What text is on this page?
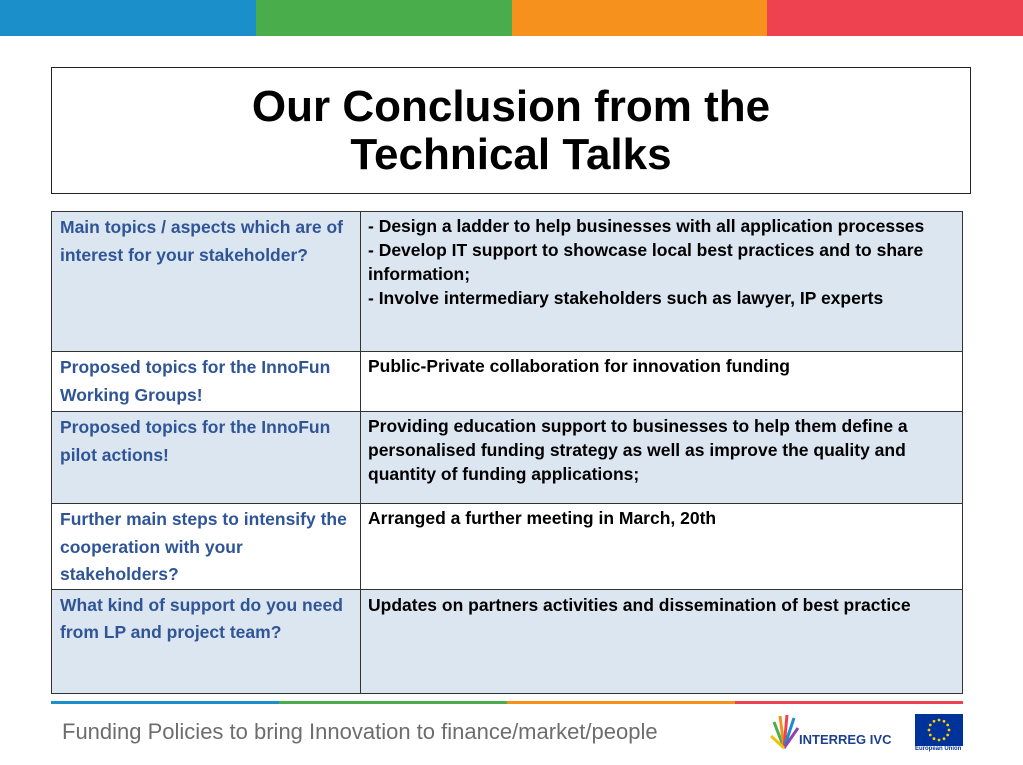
Our Conclusion from the
Technical Talks
Main topics / aspects which are of interest for your stakeholder?	- Design a ladder to help businesses with all application processes
- Develop IT support to showcase local best practices and to share information;
- Involve intermediary stakeholders such as lawyer, IP experts

Proposed topics for the InnoFun Working Groups!	Public-Private collaboration for innovation funding
Proposed topics for the InnoFun pilot actions!	Providing education support to businesses to help them define a personalised funding strategy as well as improve the quality and quantity of funding applications;
Further main steps to intensify the cooperation with your stakeholders?	Arranged a further meeting in March, 20th
What kind of support do you need from LP and project team?	Updates on partners activities and dissemination of best practice
Funding Policies to bring Innovation to finance/market/people	INTERREG IVC
European Union
